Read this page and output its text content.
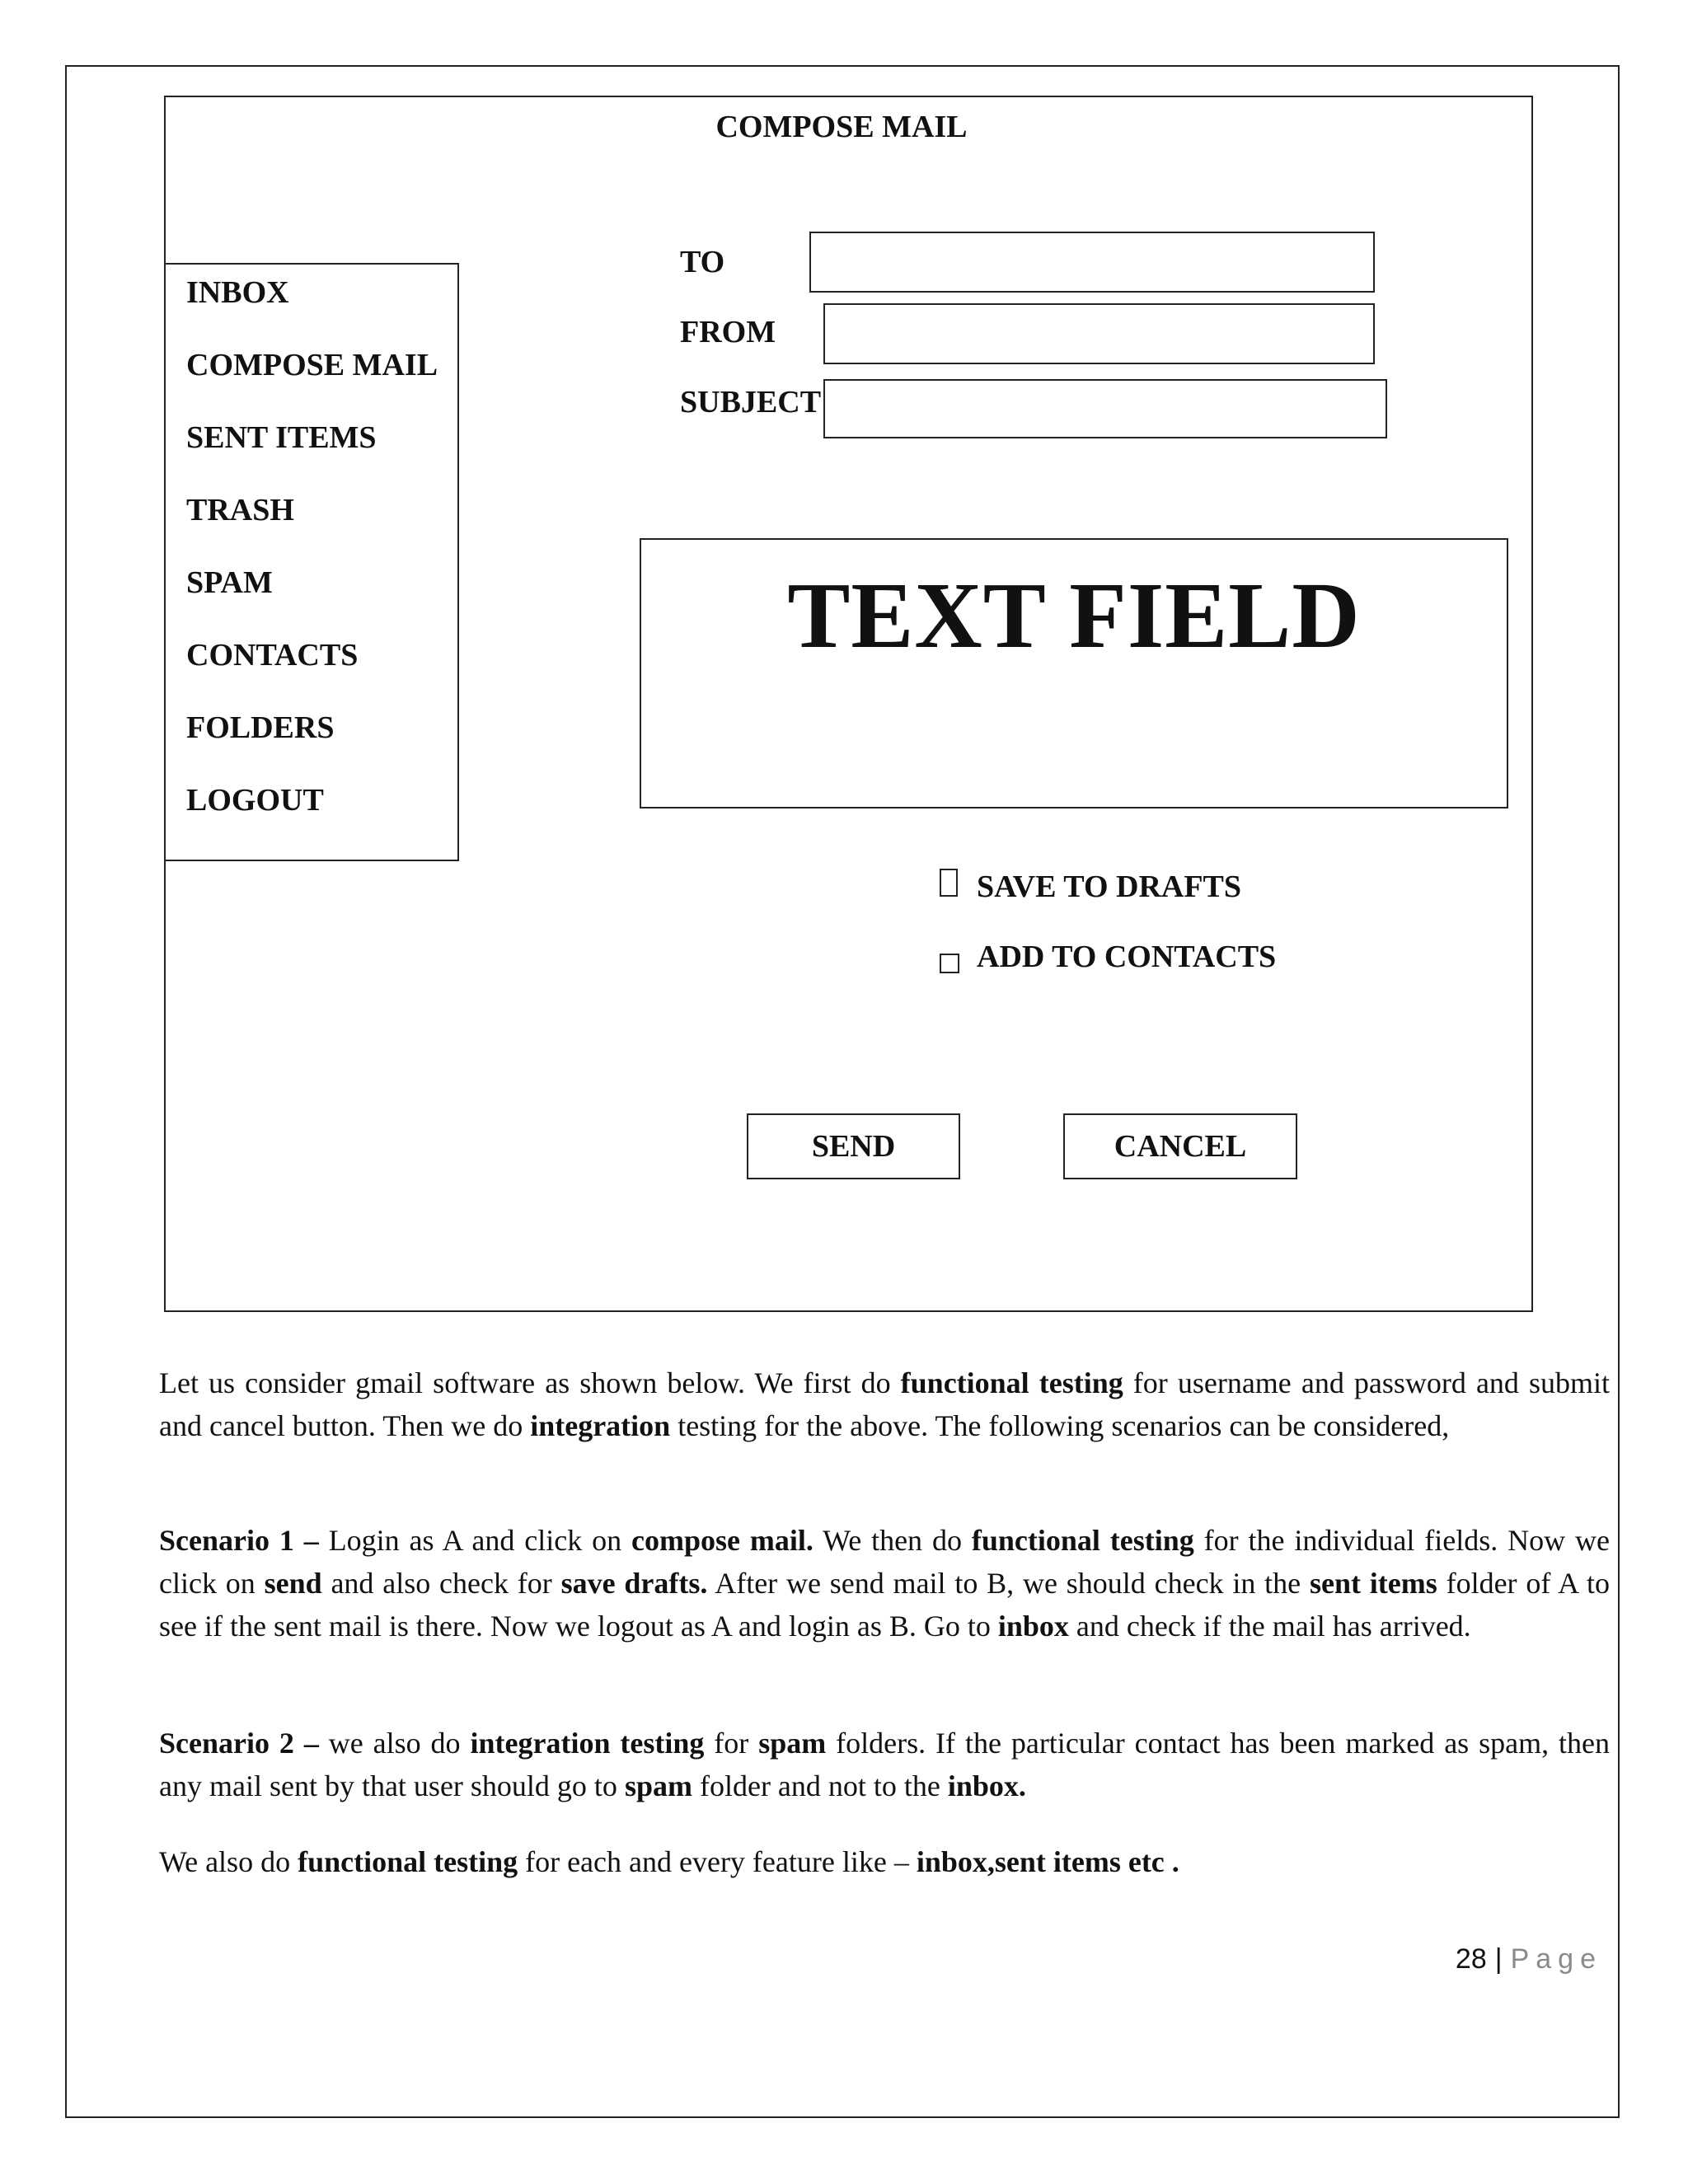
COMPOSE MAIL
INBOX
COMPOSE MAIL
SENT ITEMS
TRASH
SPAM
CONTACTS
FOLDERS
LOGOUT
TO
FROM
SUBJECT
TEXT FIELD
SAVE TO DRAFTS
ADD TO CONTACTS
SEND	CANCEL
Let us consider gmail software as shown below. We first do functional testing for username and password and submit and cancel button. Then we do integration testing for the above. The following scenarios can be considered,
Scenario 1 – Login as A and click on compose mail. We then do functional testing for the individual fields. Now we click on send and also check for save drafts. After we send mail to B, we should check in the sent items folder of A to see if the sent mail is there. Now we logout as A and login as B. Go to inbox and check if the mail has arrived.
Scenario 2 – we also do integration testing for spam folders. If the particular contact has been marked as spam, then any mail sent by that user should go to spam folder and not to the inbox.
We also do functional testing for each and every feature like – inbox,sent items etc .
28 | Page
